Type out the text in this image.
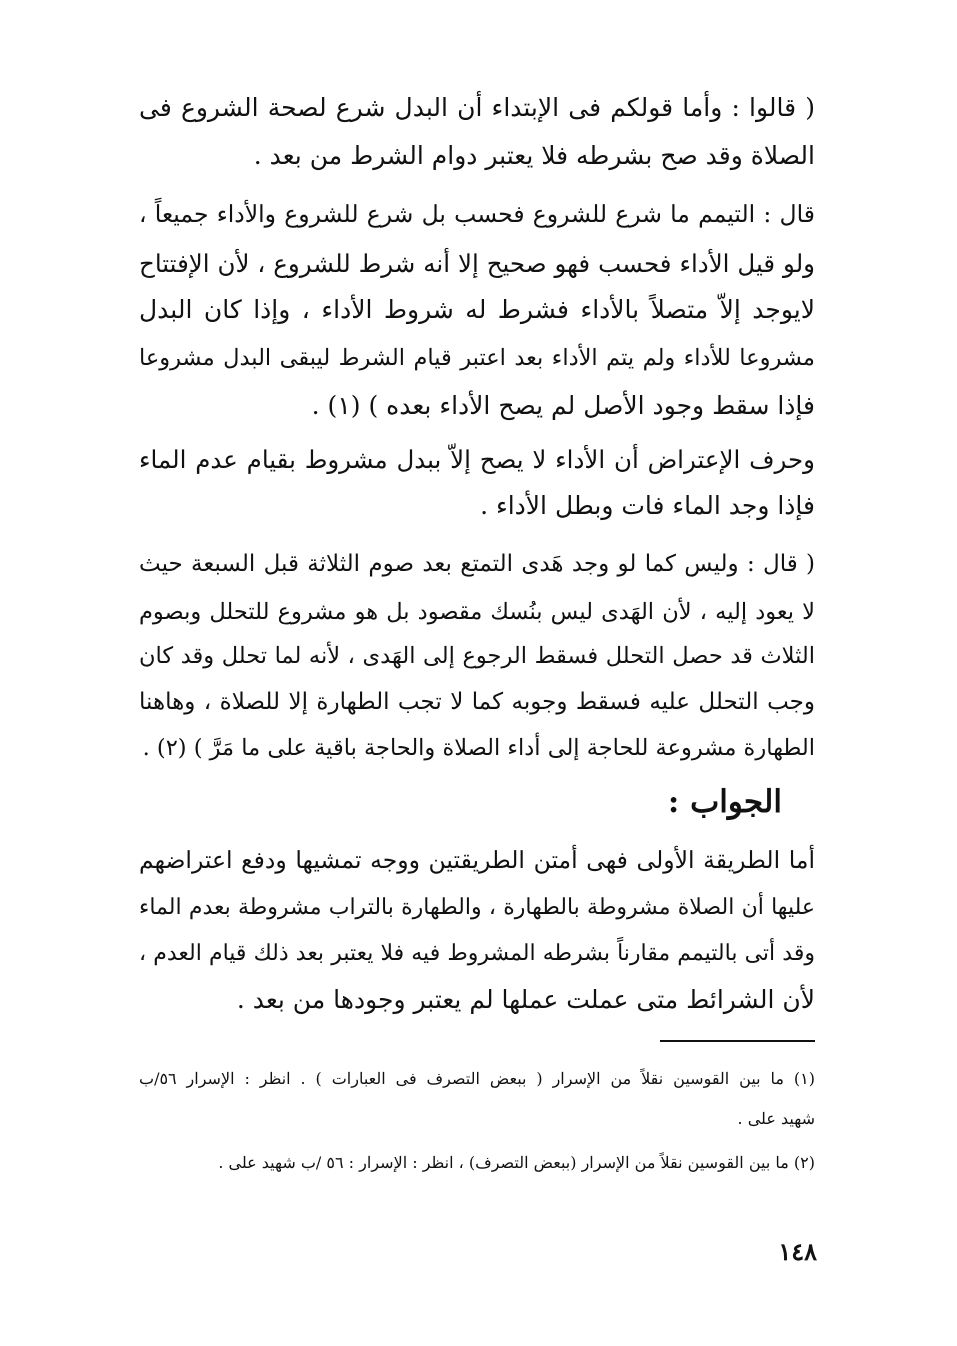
( قالوا : وأما قولكم فى الإبتداء أن البدل شرع لصحة الشروع فى
الصلاة وقد صح بشرطه فلا يعتبر دوام الشرط من بعد .
قال : التيمم ما شرع للشروع فحسب بل شرع للشروع والأداء جميعاً ،
ولو قيل الأداء فحسب فهو صحيح إلا أنه شرط للشروع ، لأن الإفتتاح
لايوجد إلاّ متصلاً بالأداء فشرط له شروط الأداء ، وإذا كان البدل
مشروعا للأداء ولم يتم الأداء بعد اعتبر قيام الشرط ليبقى البدل مشروعا
فإذا سقط وجود الأصل لم يصح الأداء بعده ) (١) .
وحرف الإعتراض أن الأداء لا يصح إلاّ ببدل مشروط بقيام عدم الماء
فإذا وجد الماء فات وبطل الأداء .
( قال : وليس كما لو وجد هَدى التمتع بعد صوم الثلاثة قبل السبعة حيث
لا يعود إليه ، لأن الهَدى ليس بنُسك مقصود بل هو مشروع للتحلل وبصوم
الثلاث قد حصل التحلل فسقط الرجوع إلى الهَدى ، لأنه لما تحلل وقد كان
وجب التحلل عليه فسقط وجوبه كما لا تجب الطهارة إلا للصلاة ، وهاهنا
الطهارة مشروعة للحاجة إلى أداء الصلاة والحاجة باقية على ما مَرَّ ) (٢) .
الجواب :
أما الطريقة الأولى فهى أمتن الطريقتين ووجه تمشيها ودفع اعتراضهم
عليها أن الصلاة مشروطة بالطهارة ، والطهارة بالتراب مشروطة بعدم الماء
وقد أتى بالتيمم مقارناً بشرطه المشروط فيه فلا يعتبر بعد ذلك قيام العدم ،
لأن الشرائط متى عملت عملها لم يعتبر وجودها من بعد .
(١) ما بين القوسين نقلاً من الإسرار ( ببعض التصرف فى العبارات ) . انظر : الإسرار ٥٦/ب
شهيد على .
(٢) ما بين القوسين نقلاً من الإسرار (ببعض التصرف) ، انظر : الإسرار : ٥٦ /ب شهيد على .
١٤٨
